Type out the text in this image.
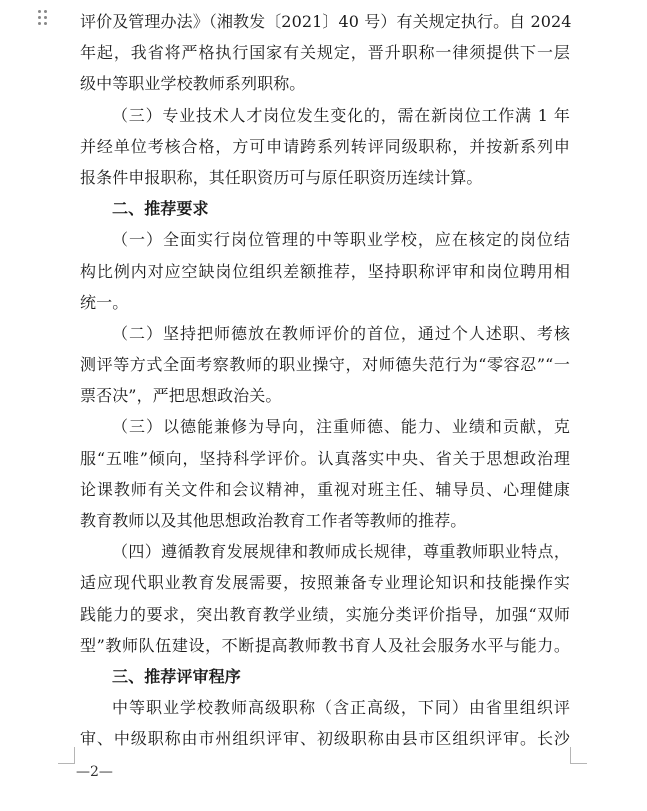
评价及管理办法》（湘教发〔2021〕40 号）有关规定执行。自 2024
年起，我省将严格执行国家有关规定，晋升职称一律须提供下一层
级中等职业学校教师系列职称。
（三）专业技术人才岗位发生变化的，需在新岗位工作满 1 年
并经单位考核合格，方可申请跨系列转评同级职称，并按新系列申
报条件申报职称，其任职资历可与原任职资历连续计算。
二、推荐要求
（一）全面实行岗位管理的中等职业学校，应在核定的岗位结
构比例内对应空缺岗位组织差额推荐，坚持职称评审和岗位聘用相
统一。
（二）坚持把师德放在教师评价的首位，通过个人述职、考核
测评等方式全面考察教师的职业操守，对师德失范行为“零容忍”“一
票否决”，严把思想政治关。
（三）以德能兼修为导向，注重师德、能力、业绩和贡献，克
服“五唯”倾向，坚持科学评价。认真落实中央、省关于思想政治理
论课教师有关文件和会议精神，重视对班主任、辅导员、心理健康
教育教师以及其他思想政治教育工作者等教师的推荐。
（四）遵循教育发展规律和教师成长规律，尊重教师职业特点，
适应现代职业教育发展需要，按照兼备专业理论知识和技能操作实
践能力的要求，突出教育教学业绩，实施分类评价指导，加强“双师
型”教师队伍建设，不断提高教师教书育人及社会服务水平与能力。
三、推荐评审程序
中等职业学校教师高级职称（含正高级，下同）由省里组织评
审、中级职称由市州组织评审、初级职称由县市区组织评审。长沙
—2—
